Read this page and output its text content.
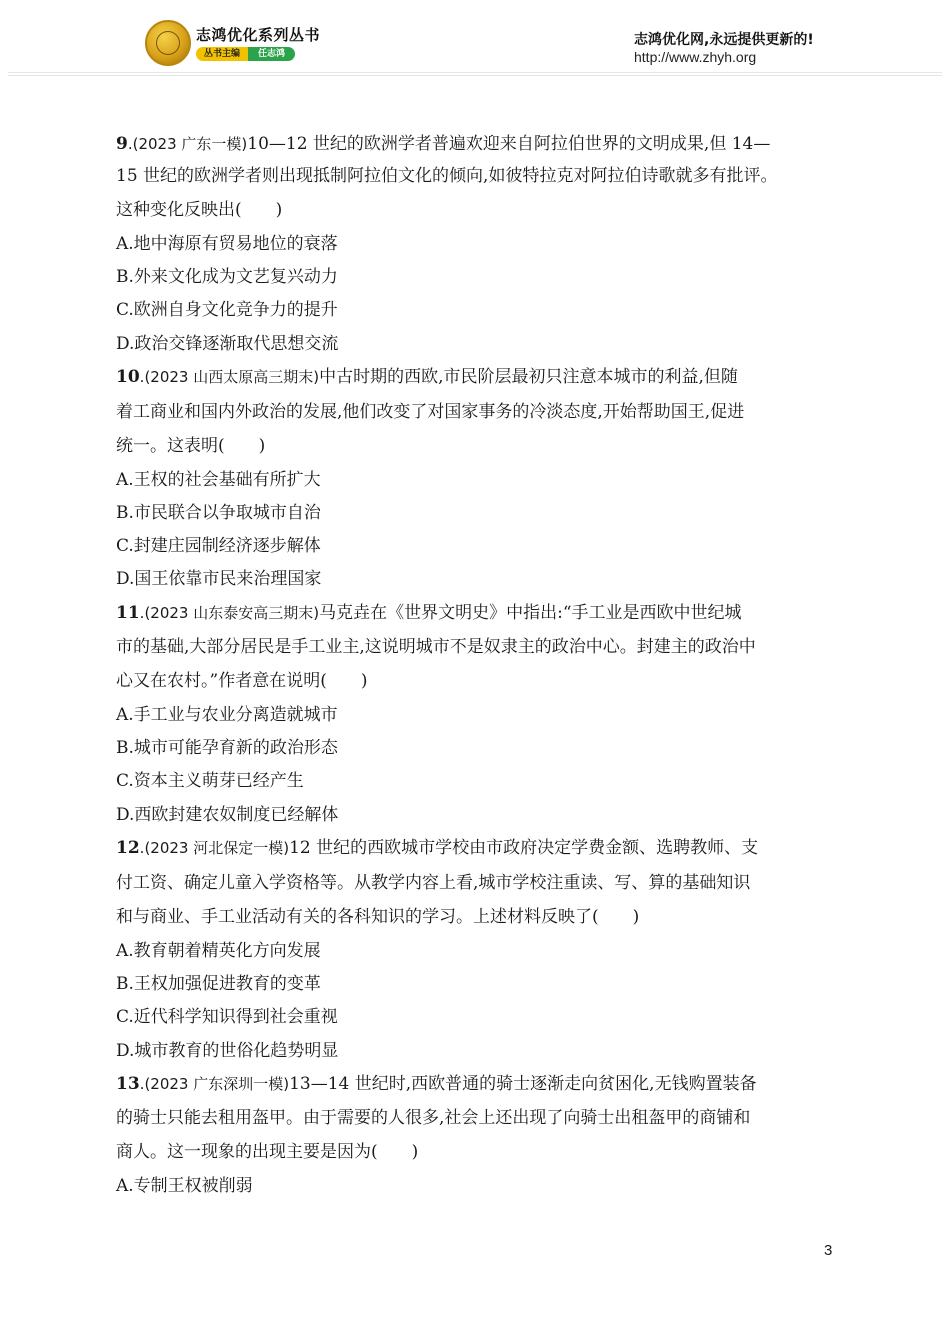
志鸿优化系列丛书
丛书主编	任志鸿
志鸿优化网,永远提供更新的!
http://www.zhyh.org
9.(2023 广东一模)10—12 世纪的欧洲学者普遍欢迎来自阿拉伯世界的文明成果,但 14—
15 世纪的欧洲学者则出现抵制阿拉伯文化的倾向,如彼特拉克对阿拉伯诗歌就多有批评。
这种变化反映出(　　)
A.地中海原有贸易地位的衰落
B.外来文化成为文艺复兴动力
C.欧洲自身文化竞争力的提升
D.政治交锋逐渐取代思想交流
10.(2023 山西太原高三期末)中古时期的西欧,市民阶层最初只注意本城市的利益,但随
着工商业和国内外政治的发展,他们改变了对国家事务的冷淡态度,开始帮助国王,促进
统一。这表明(　　)
A.王权的社会基础有所扩大
B.市民联合以争取城市自治
C.封建庄园制经济逐步解体
D.国王依靠市民来治理国家
11.(2023 山东泰安高三期末)马克垚在《世界文明史》中指出:“手工业是西欧中世纪城
市的基础,大部分居民是手工业主,这说明城市不是奴隶主的政治中心。封建主的政治中
心又在农村。”作者意在说明(　　)
A.手工业与农业分离造就城市
B.城市可能孕育新的政治形态
C.资本主义萌芽已经产生
D.西欧封建农奴制度已经解体
12.(2023 河北保定一模)12 世纪的西欧城市学校由市政府决定学费金额、选聘教师、支
付工资、确定儿童入学资格等。从教学内容上看,城市学校注重读、写、算的基础知识
和与商业、手工业活动有关的各科知识的学习。上述材料反映了(　　)
A.教育朝着精英化方向发展
B.王权加强促进教育的变革
C.近代科学知识得到社会重视
D.城市教育的世俗化趋势明显
13.(2023 广东深圳一模)13—14 世纪时,西欧普通的骑士逐渐走向贫困化,无钱购置装备
的骑士只能去租用盔甲。由于需要的人很多,社会上还出现了向骑士出租盔甲的商铺和
商人。这一现象的出现主要是因为(　　)
A.专制王权被削弱
3
